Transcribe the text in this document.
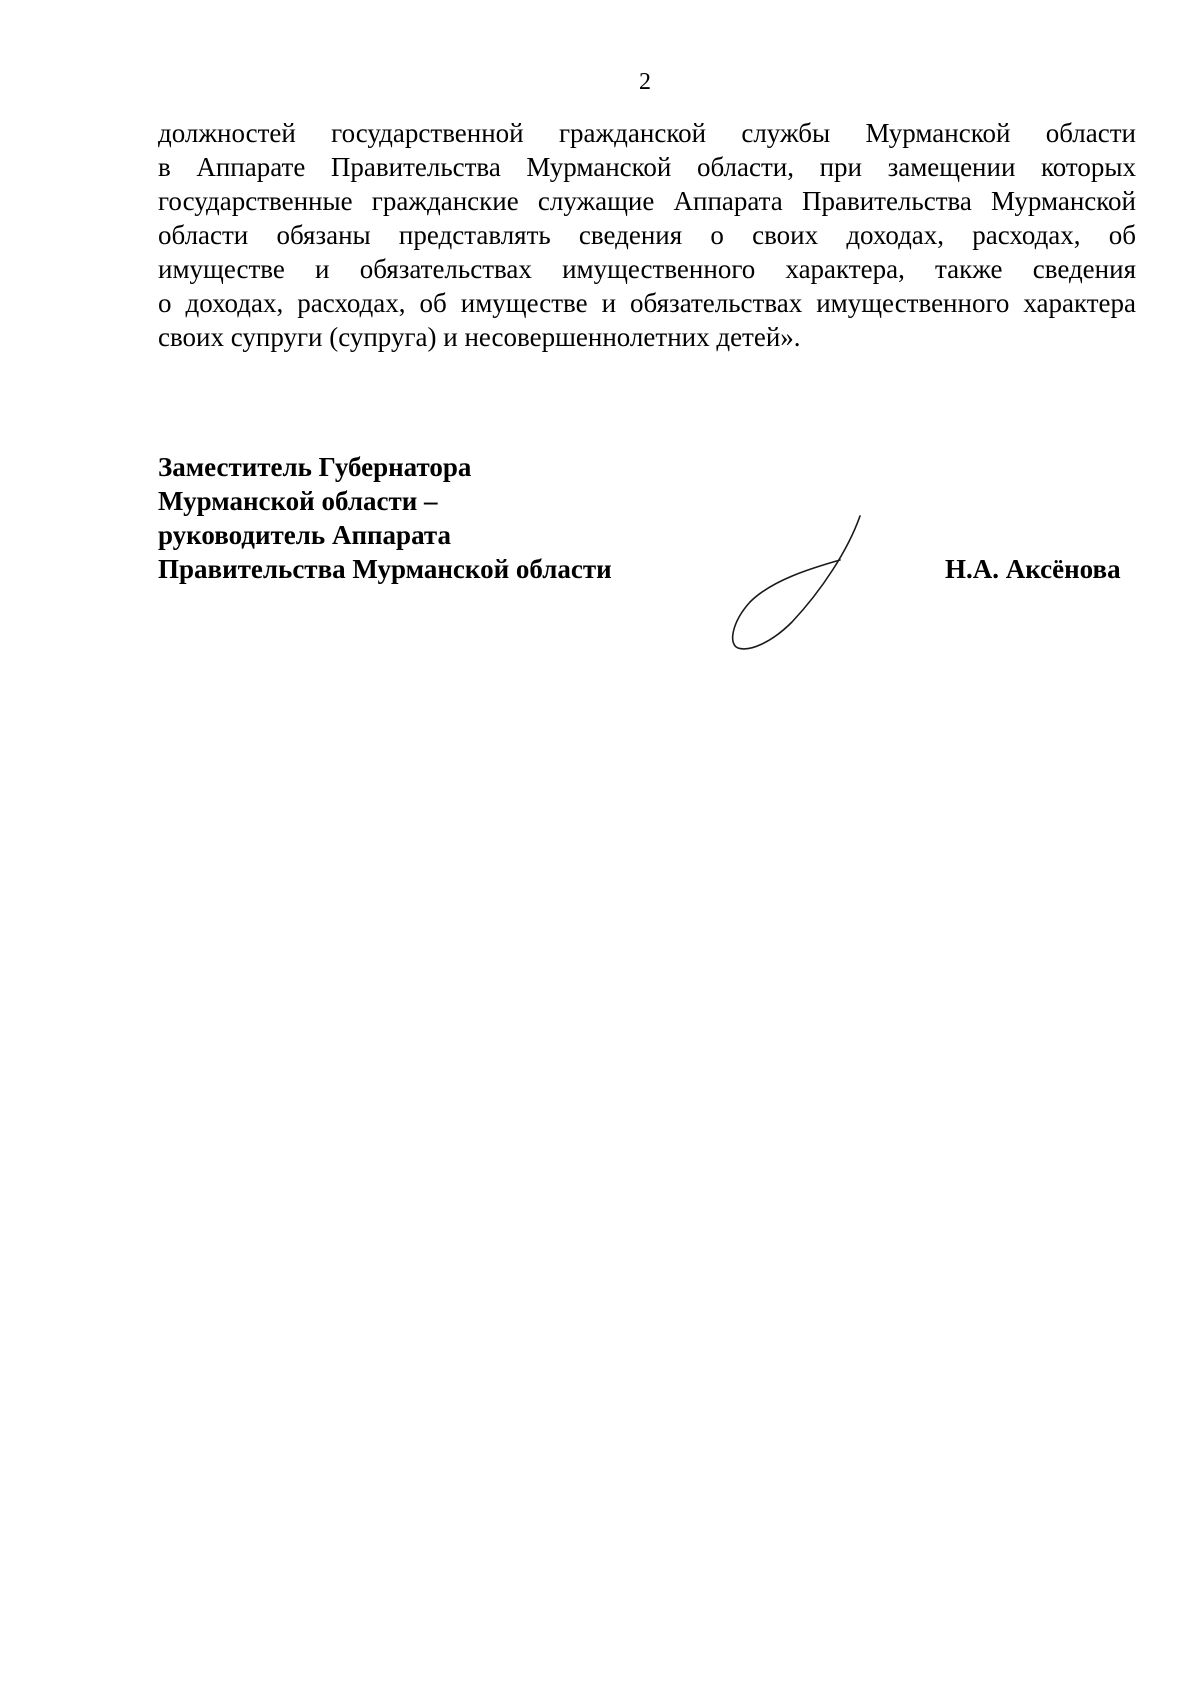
2
должностей государственной гражданской службы Мурманской области
в Аппарате Правительства Мурманской области, при замещении которых
государственные гражданские служащие Аппарата Правительства Мурманской
области обязаны представлять сведения о своих доходах, расходах, об
имуществе и обязательствах имущественного характера, также сведения
о доходах, расходах, об имуществе и обязательствах имущественного характера
своих супруги (супруга) и несовершеннолетних детей».
Заместитель Губернатора
Мурманской области –
руководитель Аппарата
Правительства Мурманской области	Н.А. Аксёнова
